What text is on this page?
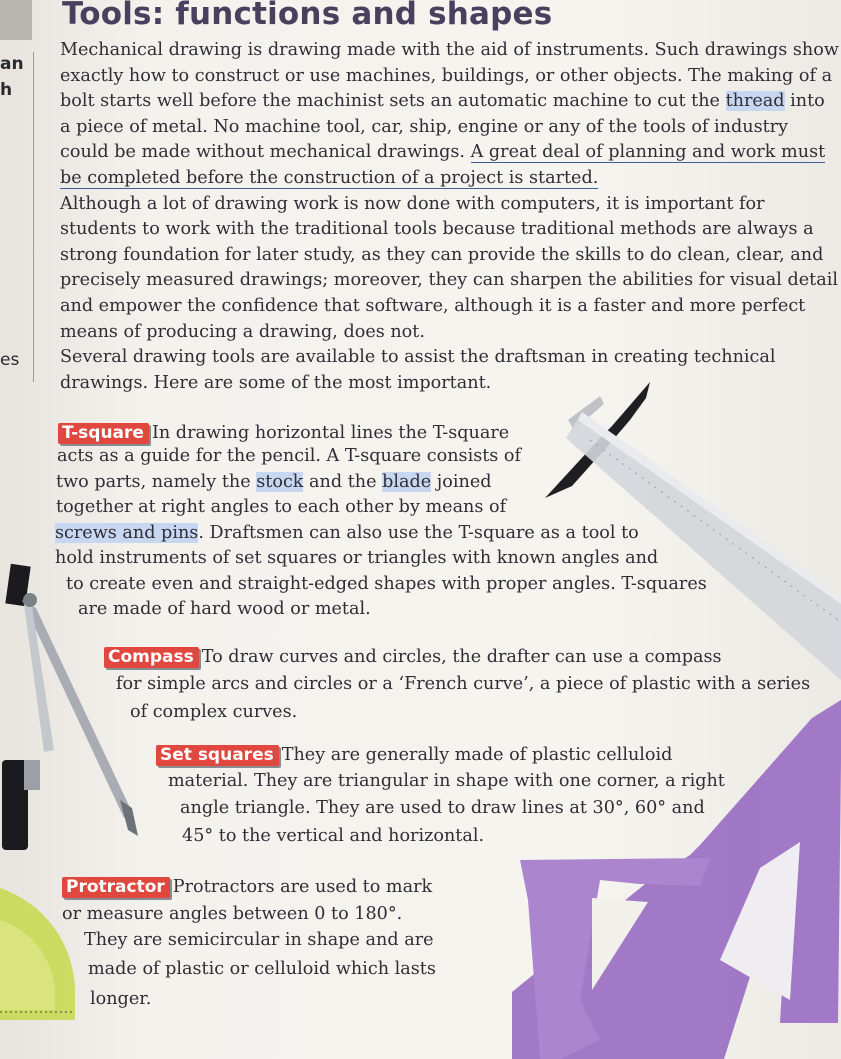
an
h
es
Tools: functions and shapes

Mechanical drawing is drawing made with the aid of instruments. Such drawings show exactly how to construct or use machines, buildings, or other objects. The making of a bolt starts well before the machinist sets an automatic machine to cut the thread into a piece of metal. No machine tool, car, ship, engine or any of the tools of industry could be made without mechanical drawings. A great deal of planning and work must be completed before the construction of a project is started.

Although a lot of drawing work is now done with computers, it is important for students to work with the traditional tools because traditional methods are always a strong foundation for later study, as they can provide the skills to do clean, clear, and precisely measured drawings; moreover, they can sharpen the abilities for visual detail and empower the confidence that software, although it is a faster and more perfect means of producing a drawing, does not.

Several drawing tools are available to assist the draftsman in creating technical drawings. Here are some of the most important.

T-square In drawing horizontal lines the T-square
acts as a guide for the pencil. A T-square consists of
two parts, namely the stock and the blade joined
together at right angles to each other by means of
screws and pins. Draftsmen can also use the T-square as a tool to
hold instruments of set squares or triangles with known angles and
to create even and straight-edged shapes with proper angles. T-squares
are made of hard wood or metal.
Compass To draw curves and circles, the drafter can use a compass
for simple arcs and circles or a ‘French curve’, a piece of plastic with a series
of complex curves.
Set squares They are generally made of plastic celluloid
material. They are triangular in shape with one corner, a right
angle triangle. They are used to draw lines at 30°, 60° and
45° to the vertical and horizontal.
Protractor Protractors are used to mark
or measure angles between 0 to 180°.
They are semicircular in shape and are
made of plastic or celluloid which lasts
longer.
